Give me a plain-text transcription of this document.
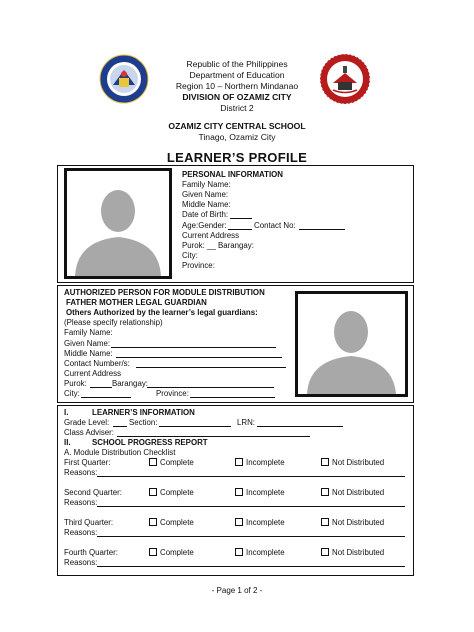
Republic of the Philippines
Department of Education
Region 10 – Northern Mindanao
DIVISION OF OZAMIZ CITY
District 2
OZAMIZ CITY CENTRAL SCHOOL
Tinago, Ozamiz City
LEARNER’S PROFILE
PERSONAL INFORMATION
Family Name:
Given Name:
Middle Name:
Date of Birth:
Age:Gender:	Contact No:
Current Address
Purok: __ Barangay:
City:
Province:
AUTHORIZED PERSON FOR MODULE DISTRIBUTION
FATHER MOTHER LEGAL GUARDIAN
Others Authorized by the learner’s legal guardians:
(Please specify relationship)
Family Name:
Given Name:
Middle Name:
Contact Number/s:
Current Address
Purok:	Barangay:
City:	Province:
I.	LEARNER’S INFORMATION
Grade Level:	Section:	LRN:
Class Adviser:
II.	SCHOOL PROGRESS REPORT
A. Module Distribution Checklist
First Quarter:	Complete	Incomplete	Not Distributed
Reasons:
Second Quarter:	Complete	Incomplete	Not Distributed
Reasons:
Third Quarter:	Complete	Incomplete	Not Distributed
Reasons:
Fourth Quarter:	Complete	Incomplete	Not Distributed
Reasons:
- Page 1 of 2 -
